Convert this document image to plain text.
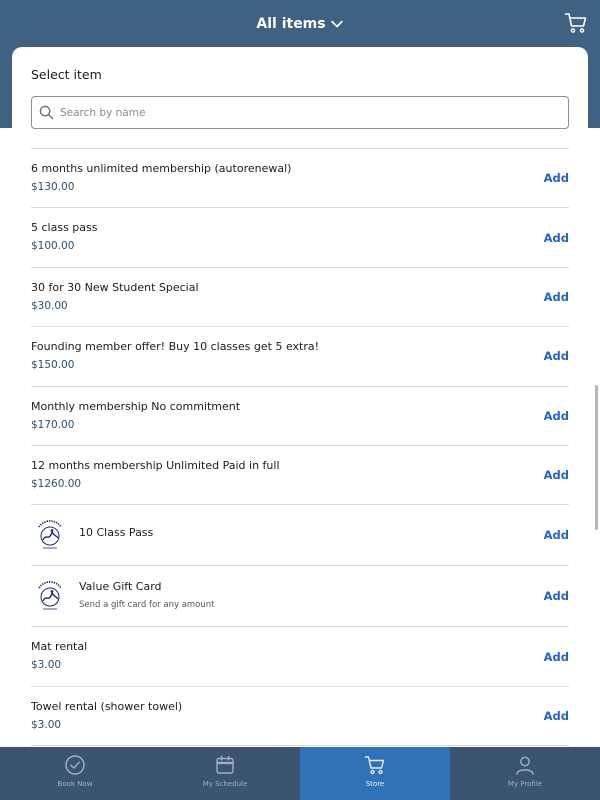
All items
Select item
Search by name
6 months unlimited membership (autorenewal)
$130.00
Add
5 class pass
$100.00
Add
30 for 30 New Student Special
$30.00
Add
Founding member offer! Buy 10 classes get 5 extra!
$150.00
Add
Monthly membership No commitment
$170.00
Add
12 months membership Unlimited Paid in full
$1260.00
Add
10 Class Pass	Add
Value Gift Card
Send a gift card for any amount
Add
Mat rental
$3.00
Add
Towel rental (shower towel)
$3.00
Add
Book Now	My Schedule	Store	My Profile
